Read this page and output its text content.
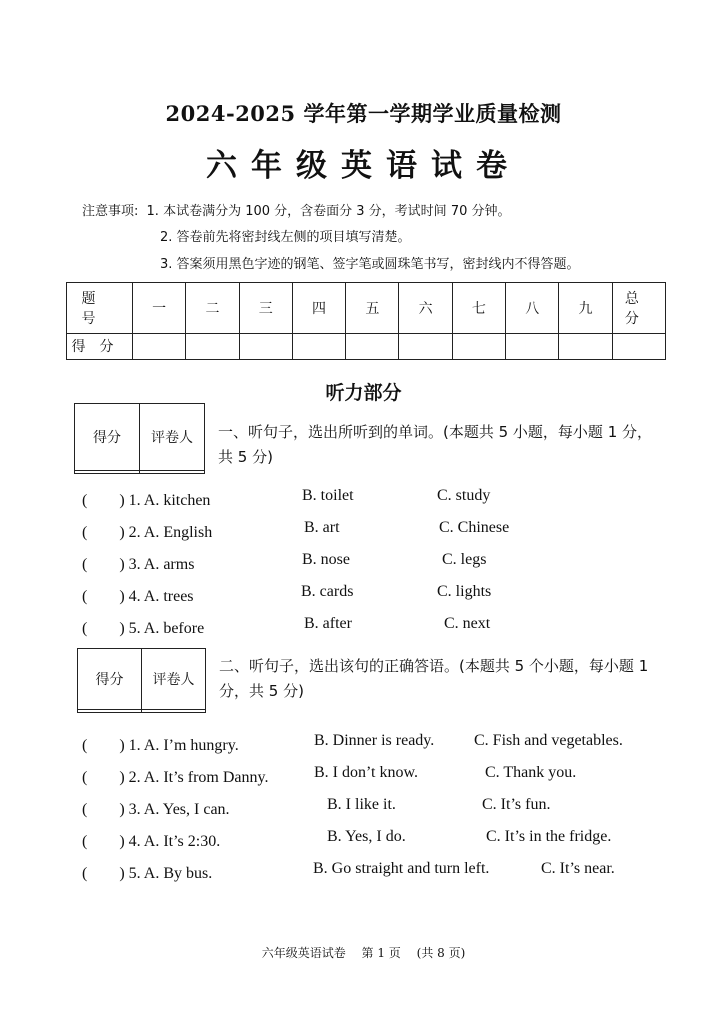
2024-2025 学年第一学期学业质量检测
六年级英语试卷
注意事项: 1. 本试卷满分为 100 分，含卷面分 3 分，考试时间 70 分钟。
2. 答卷前先将密封线左侧的项目填写清楚。
3. 答案须用黑色字迹的钢笔、签字笔或圆珠笔书写，密封线内不得答题。
题号	一	二	三	四	五	六	七	八	九	总分
得分										
听力部分
得分	评卷人
	一、听句子，选出所听到的单词。(本题共 5 小题，每小题 1 分，共 5 分)
(　　) 1. A. kitchen	B. toilet	C. study
(　　) 2. A. English	B. art	C. Chinese
(　　) 3. A. arms	B. nose	C. legs
(　　) 4. A. trees	B. cards	C. lights
(　　) 5. A. before	B. after	C. next
得分	评卷人

二、听句子，选出该句的正确答语。(本题共 5 个小题，每小题 1 分，共 5 分)
(　　) 1. A. I’m hungry.	B. Dinner is ready. C. Fish and vegetables.
(　　) 2. A. It’s from Danny.	B. I don’t know.	C. Thank you.
(　　) 3. A. Yes, I can.	B. I like it.	C. It’s fun.
(　　) 4. A. It’s 2:30.	B. Yes, I do.	C. It’s in the fridge.
(　　) 5. A. By bus.	B. Go straight and turn left.	C. It’s near.
六年级英语试卷 第 1 页 (共 8 页)
